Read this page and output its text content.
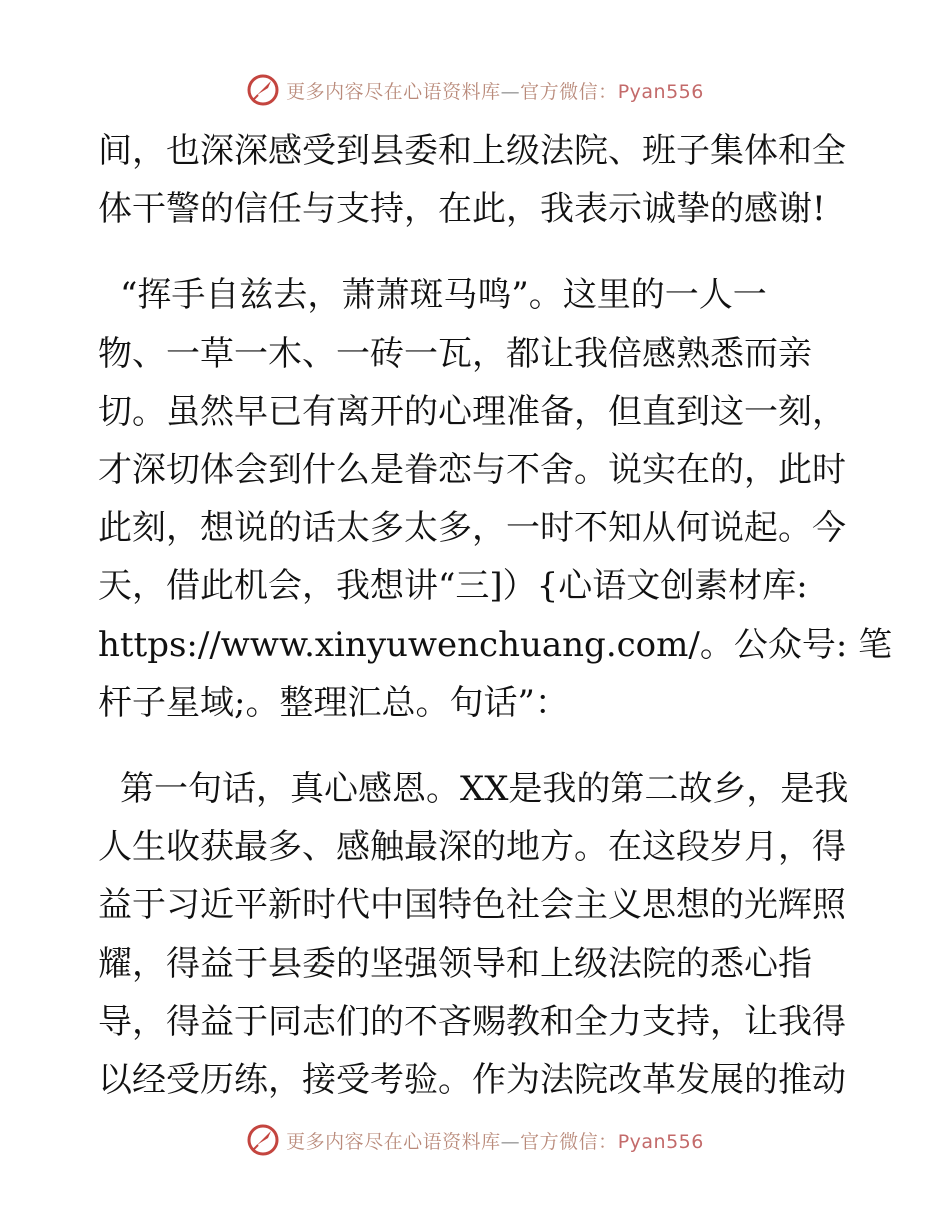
更多内容尽在心语资料库—官方微信：Pyan556
间，也深深感受到县委和上级法院、班子集体和全
体干警的信任与支持，在此，我表示诚挚的感谢!
“挥手自兹去，萧萧斑马鸣”。这里的一人一
物、一草一木、一砖一瓦，都让我倍感熟悉而亲
切。虽然早已有离开的心理准备，但直到这一刻，
才深切体会到什么是眷恋与不舍。说实在的，此时
此刻，想说的话太多太多，一时不知从何说起。今
天，借此机会，我想讲“三]）{心语文创素材库:
https://www.xinyuwenchuang.com/。公众号: 笔
杆子星域;。整理汇总。句话”：
第一句话，真心感恩。XX是我的第二故乡，是我
人生收获最多、感触最深的地方。在这段岁月，得
益于习近平新时代中国特色社会主义思想的光辉照
耀，得益于县委的坚强领导和上级法院的悉心指
导，得益于同志们的不吝赐教和全力支持，让我得
以经受历练，接受考验。作为法院改革发展的推动
更多内容尽在心语资料库—官方微信：Pyan556
